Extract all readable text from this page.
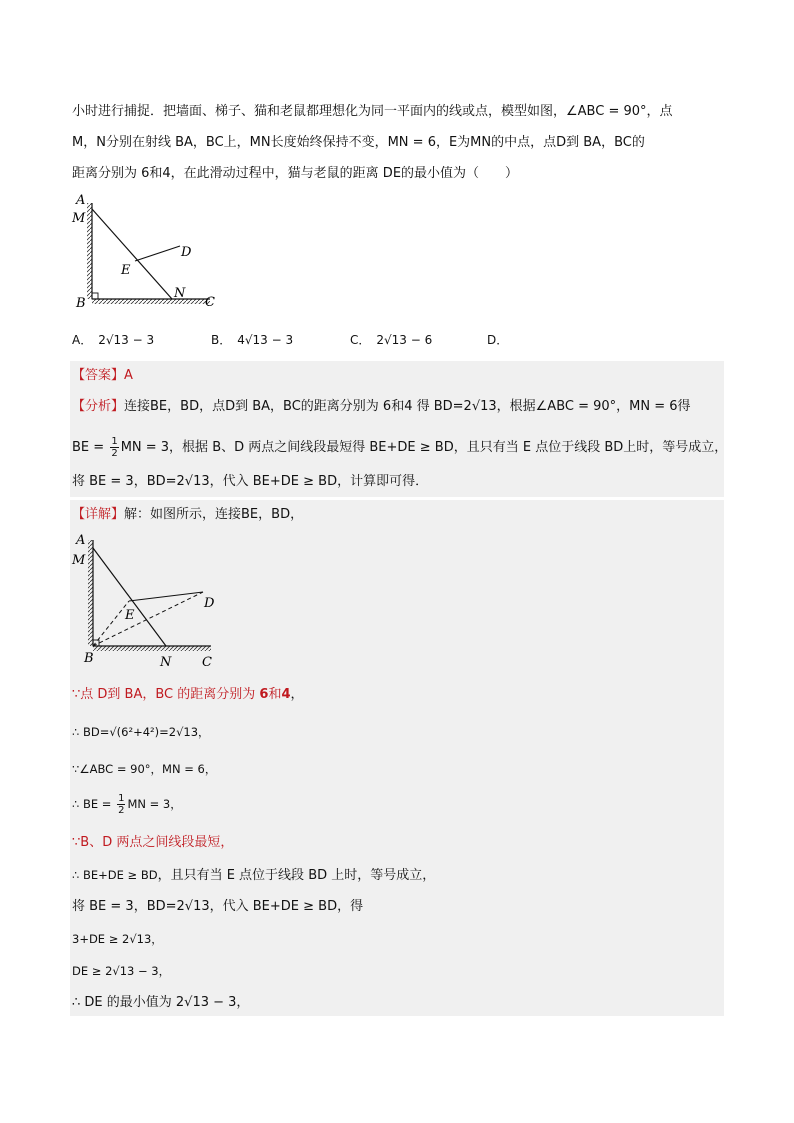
小时进行捕捉．把墙面、梯子、猫和老鼠都理想化为同一平面内的线或点，模型如图，∠ABC = 90°，点
M，N分别在射线 BA，BC上，MN长度始终保持不变，MN = 6，E为MN的中点，点D到 BA，BC的
距离分别为 6和4，在此滑动过程中，猫与老鼠的距离 DE的最小值为（　　）
A
M
D
E
B
N
C
A． 2√13 − 3	B． 4√13 − 3	C． 2√13 − 6	D．
【答案】A
【分析】连接BE，BD，点D到 BA，BC的距离分别为 6和4 得 BD=2√13，根据∠ABC = 90°，MN = 6得
BE = $\frac{1}{2}$ MN = 3，根据 B、D 两点之间线段最短得 BE+DE ≥ BD，且只有当 E 点位于线段 BD上时，等号成立，
将 BE = 3，BD=2√13，代入 BE+DE ≥ BD，计算即可得．
【详解】解：如图所示，连接BE，BD，
A
M
D
E
B	N C
∵点 D到 BA，BC 的距离分别为 6和4，
∴ BD=√(6²+4²)=2√13，
∵∠ABC = 90°，MN = 6，
∴ BE = $\frac{1}{2}$ MN = 3，
∵B、D 两点之间线段最短，
∴ BE+DE ≥ BD，且只有当 E 点位于线段 BD 上时，等号成立，
将 BE = 3，BD=2√13，代入 BE+DE ≥ BD，得
3+DE ≥ 2√13，
DE ≥ 2√13 − 3，
∴ DE 的最小值为 2√13 − 3，
